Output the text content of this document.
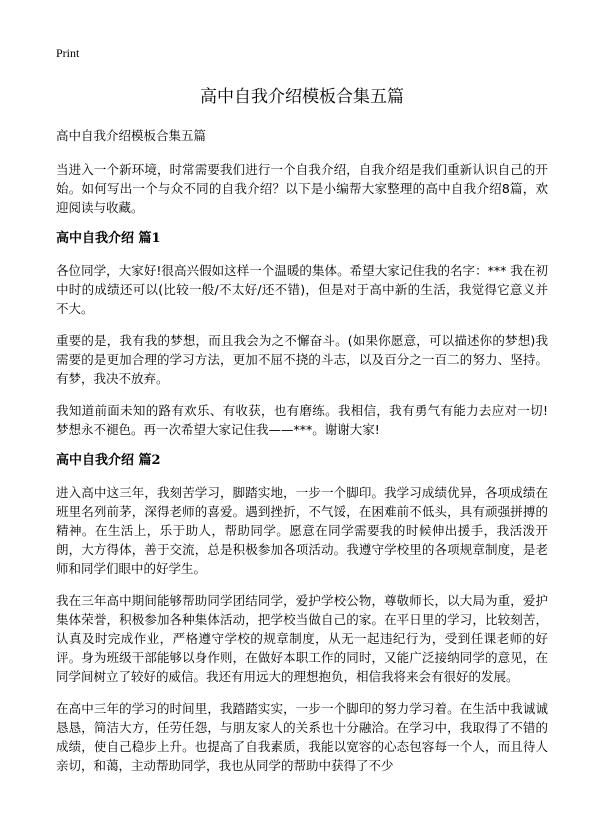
Print
高中自我介绍模板合集五篇
高中自我介绍模板合集五篇

当进入一个新环境，时常需要我们进行一个自我介绍，自我介绍是我们重新认识自己的开始。如何写出一个与众不同的自我介绍？以下是小编帮大家整理的高中自我介绍8篇，欢迎阅读与收藏。

高中自我介绍 篇1

各位同学，大家好!很高兴假如这样一个温暖的集体。希望大家记住我的名字：*** 我在初中时的成绩还可以(比较一般/不太好/还不错)，但是对于高中新的生活，我觉得它意义并不大。

重要的是，我有我的梦想，而且我会为之不懈奋斗。(如果你愿意，可以描述你的梦想)我需要的是更加合理的学习方法，更加不屈不挠的斗志，以及百分之一百二的努力、坚持。有梦，我决不放弃。

我知道前面未知的路有欢乐、有收获，也有磨练。我相信，我有勇气有能力去应对一切!梦想永不褪色。再一次希望大家记住我——***。谢谢大家!

高中自我介绍 篇2

进入高中这三年，我刻苦学习，脚踏实地，一步一个脚印。我学习成绩优异，各项成绩在班里名列前茅，深得老师的喜爱。遇到挫折，不气馁，在困难前不低头，具有顽强拼搏的精神。在生活上，乐于助人，帮助同学。愿意在同学需要我的时候伸出援手，我活泼开朗，大方得体，善于交流，总是积极参加各项活动。我遵守学校里的各项规章制度，是老师和同学们眼中的好学生。

我在三年高中期间能够帮助同学团结同学，爱护学校公物，尊敬师长，以大局为重，爱护集体荣誉，积极参加各种集体活动，把学校当做自己的家。在平日里的学习，比较刻苦，认真及时完成作业，严格遵守学校的规章制度，从无一起违纪行为，受到任课老师的好评。身为班级干部能够以身作则，在做好本职工作的同时，又能广泛接纳同学的意见，在同学间树立了较好的威信。我还有用远大的理想抱负，相信我将来会有很好的发展。

在高中三年的学习的时间里，我踏踏实实，一步一个脚印的努力学习着。在生活中我诚诚恳恳，简洁大方，任劳任怨，与朋友家人的关系也十分融洽。在学习中，我取得了不错的成绩，使自己稳步上升。也提高了自我素质，我能以宽容的心态包容每一个人，而且待人亲切，和蔼，主动帮助同学，我也从同学的帮助中获得了不少
